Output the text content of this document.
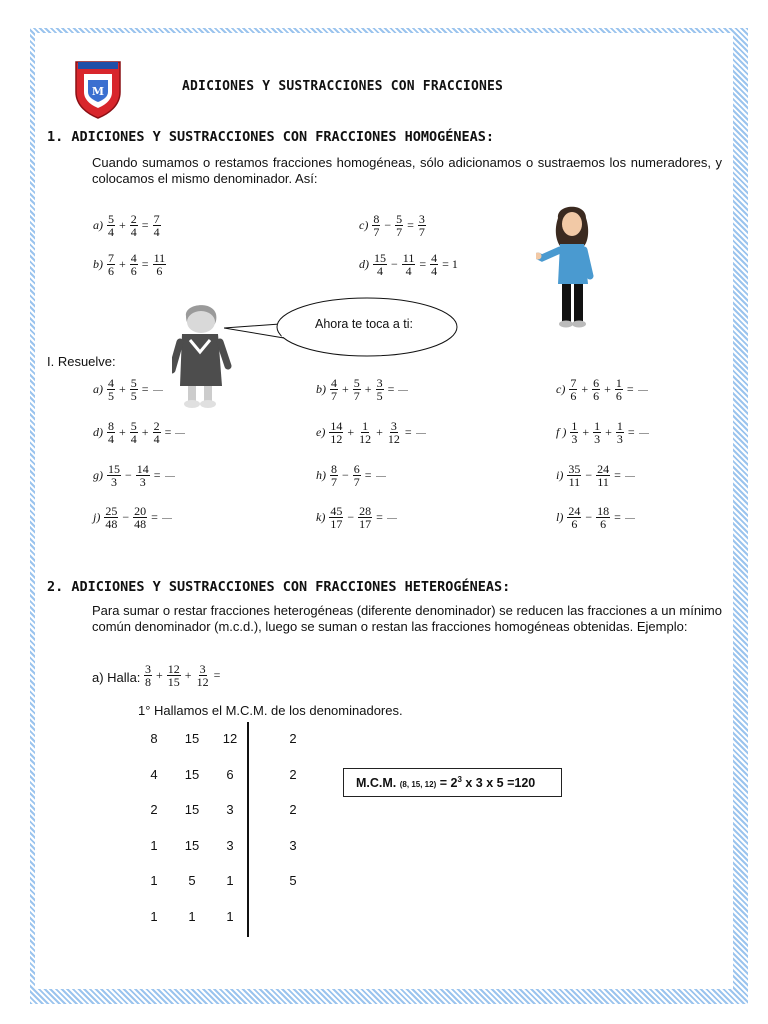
M	ADICIONES Y SUSTRACCIONES CON FRACCIONES
1. ADICIONES Y SUSTRACCIONES CON FRACCIONES HOMOGÉNEAS:
Cuando sumamos o restamos fracciones homogéneas, sólo adicionamos o sustraemos los numeradores, y colocamos el mismo denominador. Así:
$a) \frac{5}{4} + \frac{2}{4} = \frac{7}{4}$	$c) \frac{8}{7} - \frac{5}{7} = \frac{3}{7}$
$b) \frac{7}{6} + \frac{4}{6} = \frac{11}{6}$	$d) \frac{15}{4} - \frac{11}{4} = \frac{4}{4} = 1$
Ahora te toca a ti:
I. Resuelve:
$a) \frac{4}{5} + \frac{5}{5}$ =	$b) \frac{4}{7} + \frac{5}{7} + \frac{3}{5}$ =	$c) \frac{7}{6} + \frac{6}{6} + \frac{1}{6}$ =
$d) \frac{8}{4} + \frac{5}{4} + \frac{2}{4}$ =	$e) \frac{14}{12} + \frac{1}{12} + \frac{3}{12}$ =	f ) $\frac{1}{3} + \frac{1}{3} + \frac{1}{3}$ =
$g) \frac{15}{3} - \frac{14}{3}$ =	$h) \frac{8}{7} - \frac{6}{7}$ =	$i) \frac{35}{11} - \frac{24}{11}$ =
$j) \frac{25}{48} - \frac{20}{48}$ =	$k) \frac{45}{17} - \frac{28}{17}$ =	$l) \frac{24}{6} - \frac{18}{6}$ =
2. ADICIONES Y SUSTRACCIONES CON FRACCIONES HETEROGÉNEAS:
Para sumar o restar fracciones heterogéneas (diferente denominador) se reducen las fracciones a un mínimo común denominador (m.c.d.), luego se suman o restan las fracciones homogéneas obtenidas. Ejemplo:
a) Halla: $\frac{3}{8} + \frac{12}{15} + \frac{3}{12}$ =
1° Hallamos el M.C.M. de los denominadores.
8	15	12	2
4	15	6	2
2	15	3	2
1	15	3	3
1	5	1	5
1	1	1	
M.C.M. (8, 15, $12) = 2^3$ x 3 x 5 =120
